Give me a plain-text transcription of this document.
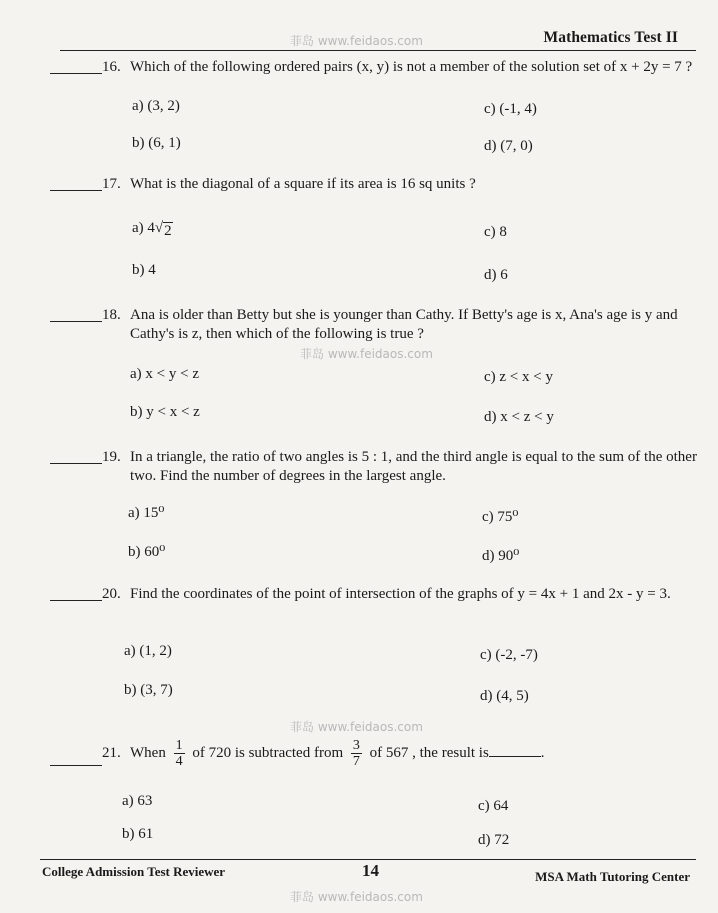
Mathematics Test II
菲岛 www.feidaos.com
16. Which of the following ordered pairs (x, y) is not a member of the solution set of x + 2y = 7 ?
a) (3, 2)
b) (6, 1)
c) (-1, 4)
d) (7, 0)
17. What is the diagonal of a square if its area is 16 sq units ?
a) 4 √ 2
b) 4
c) 8
d) 6
18. Ana is older than Betty but she is younger than Cathy. If Betty's age is x, Ana's age is y and Cathy's is z, then which of the following is true ?
菲岛 www.feidaos.com
a) x < y < z
b) y < x < z
c) z < x < y
d) x < z < y
19. In a triangle, the ratio of two angles is 5 : 1, and the third angle is equal to the sum of the other two. Find the number of degrees in the largest angle.
a) 15⁰
b) 60⁰
c) 75⁰
d) 90⁰
20. Find the coordinates of the point of intersection of the graphs of y = 4x + 1 and 2x - y = 3.
a) (1, 2)
b) (3, 7)
c) (-2, -7)
d) (4, 5)
菲岛 www.feidaos.com
21. When $\frac{1}{4}$ of 720 is subtracted from $\frac{3}{7}$ of 567 , the result is	.
a) 63
b) 61
c) 64
d) 72
College Admission Test Reviewer	14	MSA Math Tutoring Center
菲岛 www.feidaos.com
